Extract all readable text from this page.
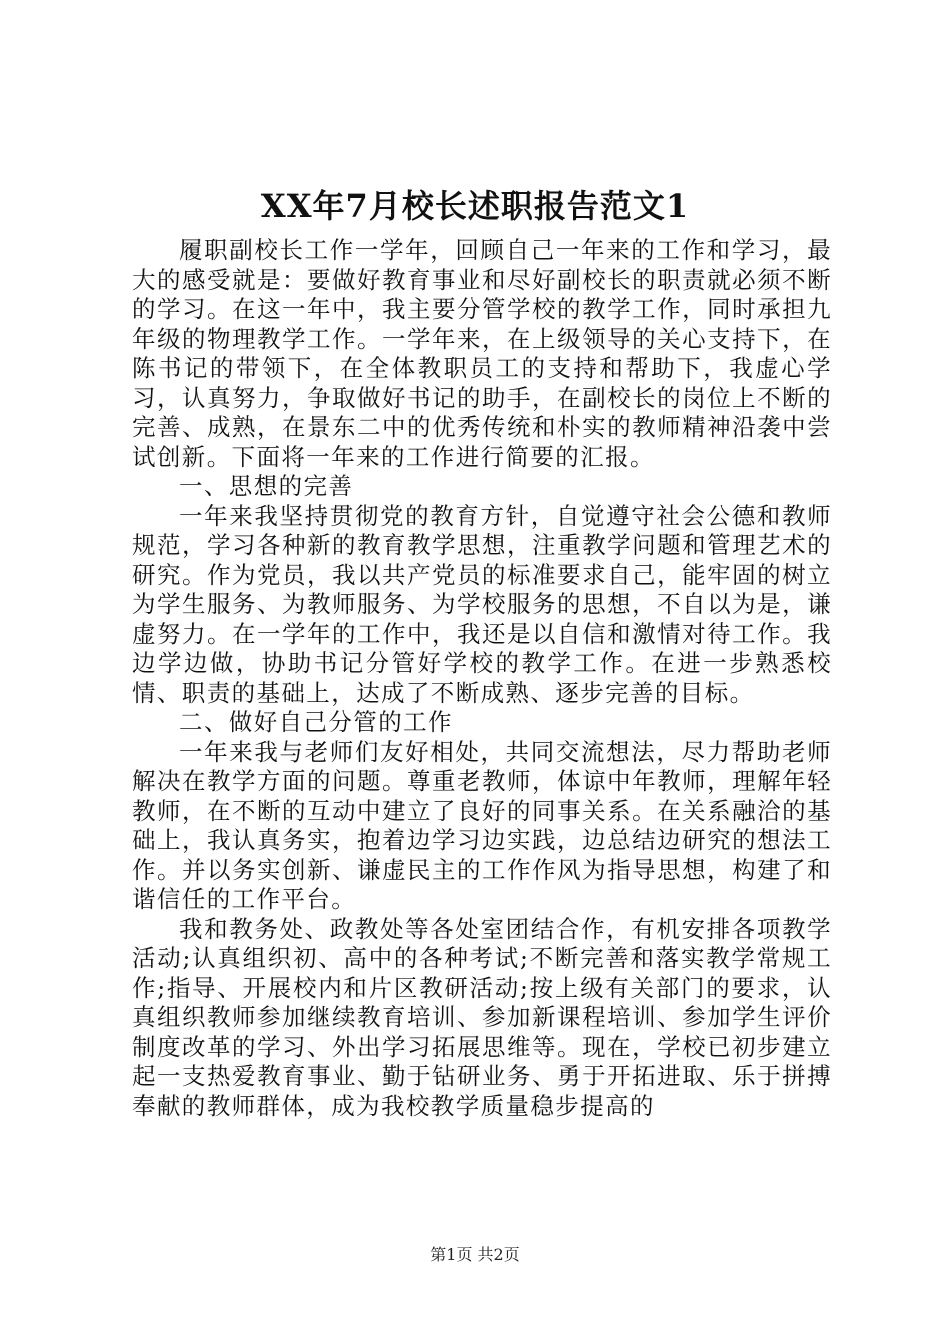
XX年7月校长述职报告范文1

履职副校长工作一学年，回顾自己一年来的工作和学习，最大的感受就是：要做好教育事业和尽好副校长的职责就必须不断的学习。在这一年中，我主要分管学校的教学工作，同时承担九年级的物理教学工作。一学年来，在上级领导的关心支持下，在陈书记的带领下，在全体教职员工的支持和帮助下，我虚心学习，认真努力，争取做好书记的助手，在副校长的岗位上不断的完善、成熟，在景东二中的优秀传统和朴实的教师精神沿袭中尝试创新。下面将一年来的工作进行简要的汇报。

一、思想的完善

一年来我坚持贯彻党的教育方针，自觉遵守社会公德和教师规范，学习各种新的教育教学思想，注重教学问题和管理艺术的研究。作为党员，我以共产党员的标准要求自己，能牢固的树立为学生服务、为教师服务、为学校服务的思想，不自以为是，谦虚努力。在一学年的工作中，我还是以自信和激情对待工作。我边学边做，协助书记分管好学校的教学工作。在进一步熟悉校情、职责的基础上，达成了不断成熟、逐步完善的目标。

二、做好自己分管的工作

一年来我与老师们友好相处，共同交流想法，尽力帮助老师解决在教学方面的问题。尊重老教师，体谅中年教师，理解年轻教师，在不断的互动中建立了良好的同事关系。在关系融洽的基础上，我认真务实，抱着边学习边实践，边总结边研究的想法工作。并以务实创新、谦虚民主的工作作风为指导思想，构建了和谐信任的工作平台。

我和教务处、政教处等各处室团结合作，有机安排各项教学活动;认真组织初、高中的各种考试;不断完善和落实教学常规工作;指导、开展校内和片区教研活动;按上级有关部门的要求，认真组织教师参加继续教育培训、参加新课程培训、参加学生评价制度改革的学习、外出学习拓展思维等。现在，学校已初步建立起一支热爱教育事业、勤于钻研业务、勇于开拓进取、乐于拼搏奉献的教师群体，成为我校教学质量稳步提高的

第1页 共2页
